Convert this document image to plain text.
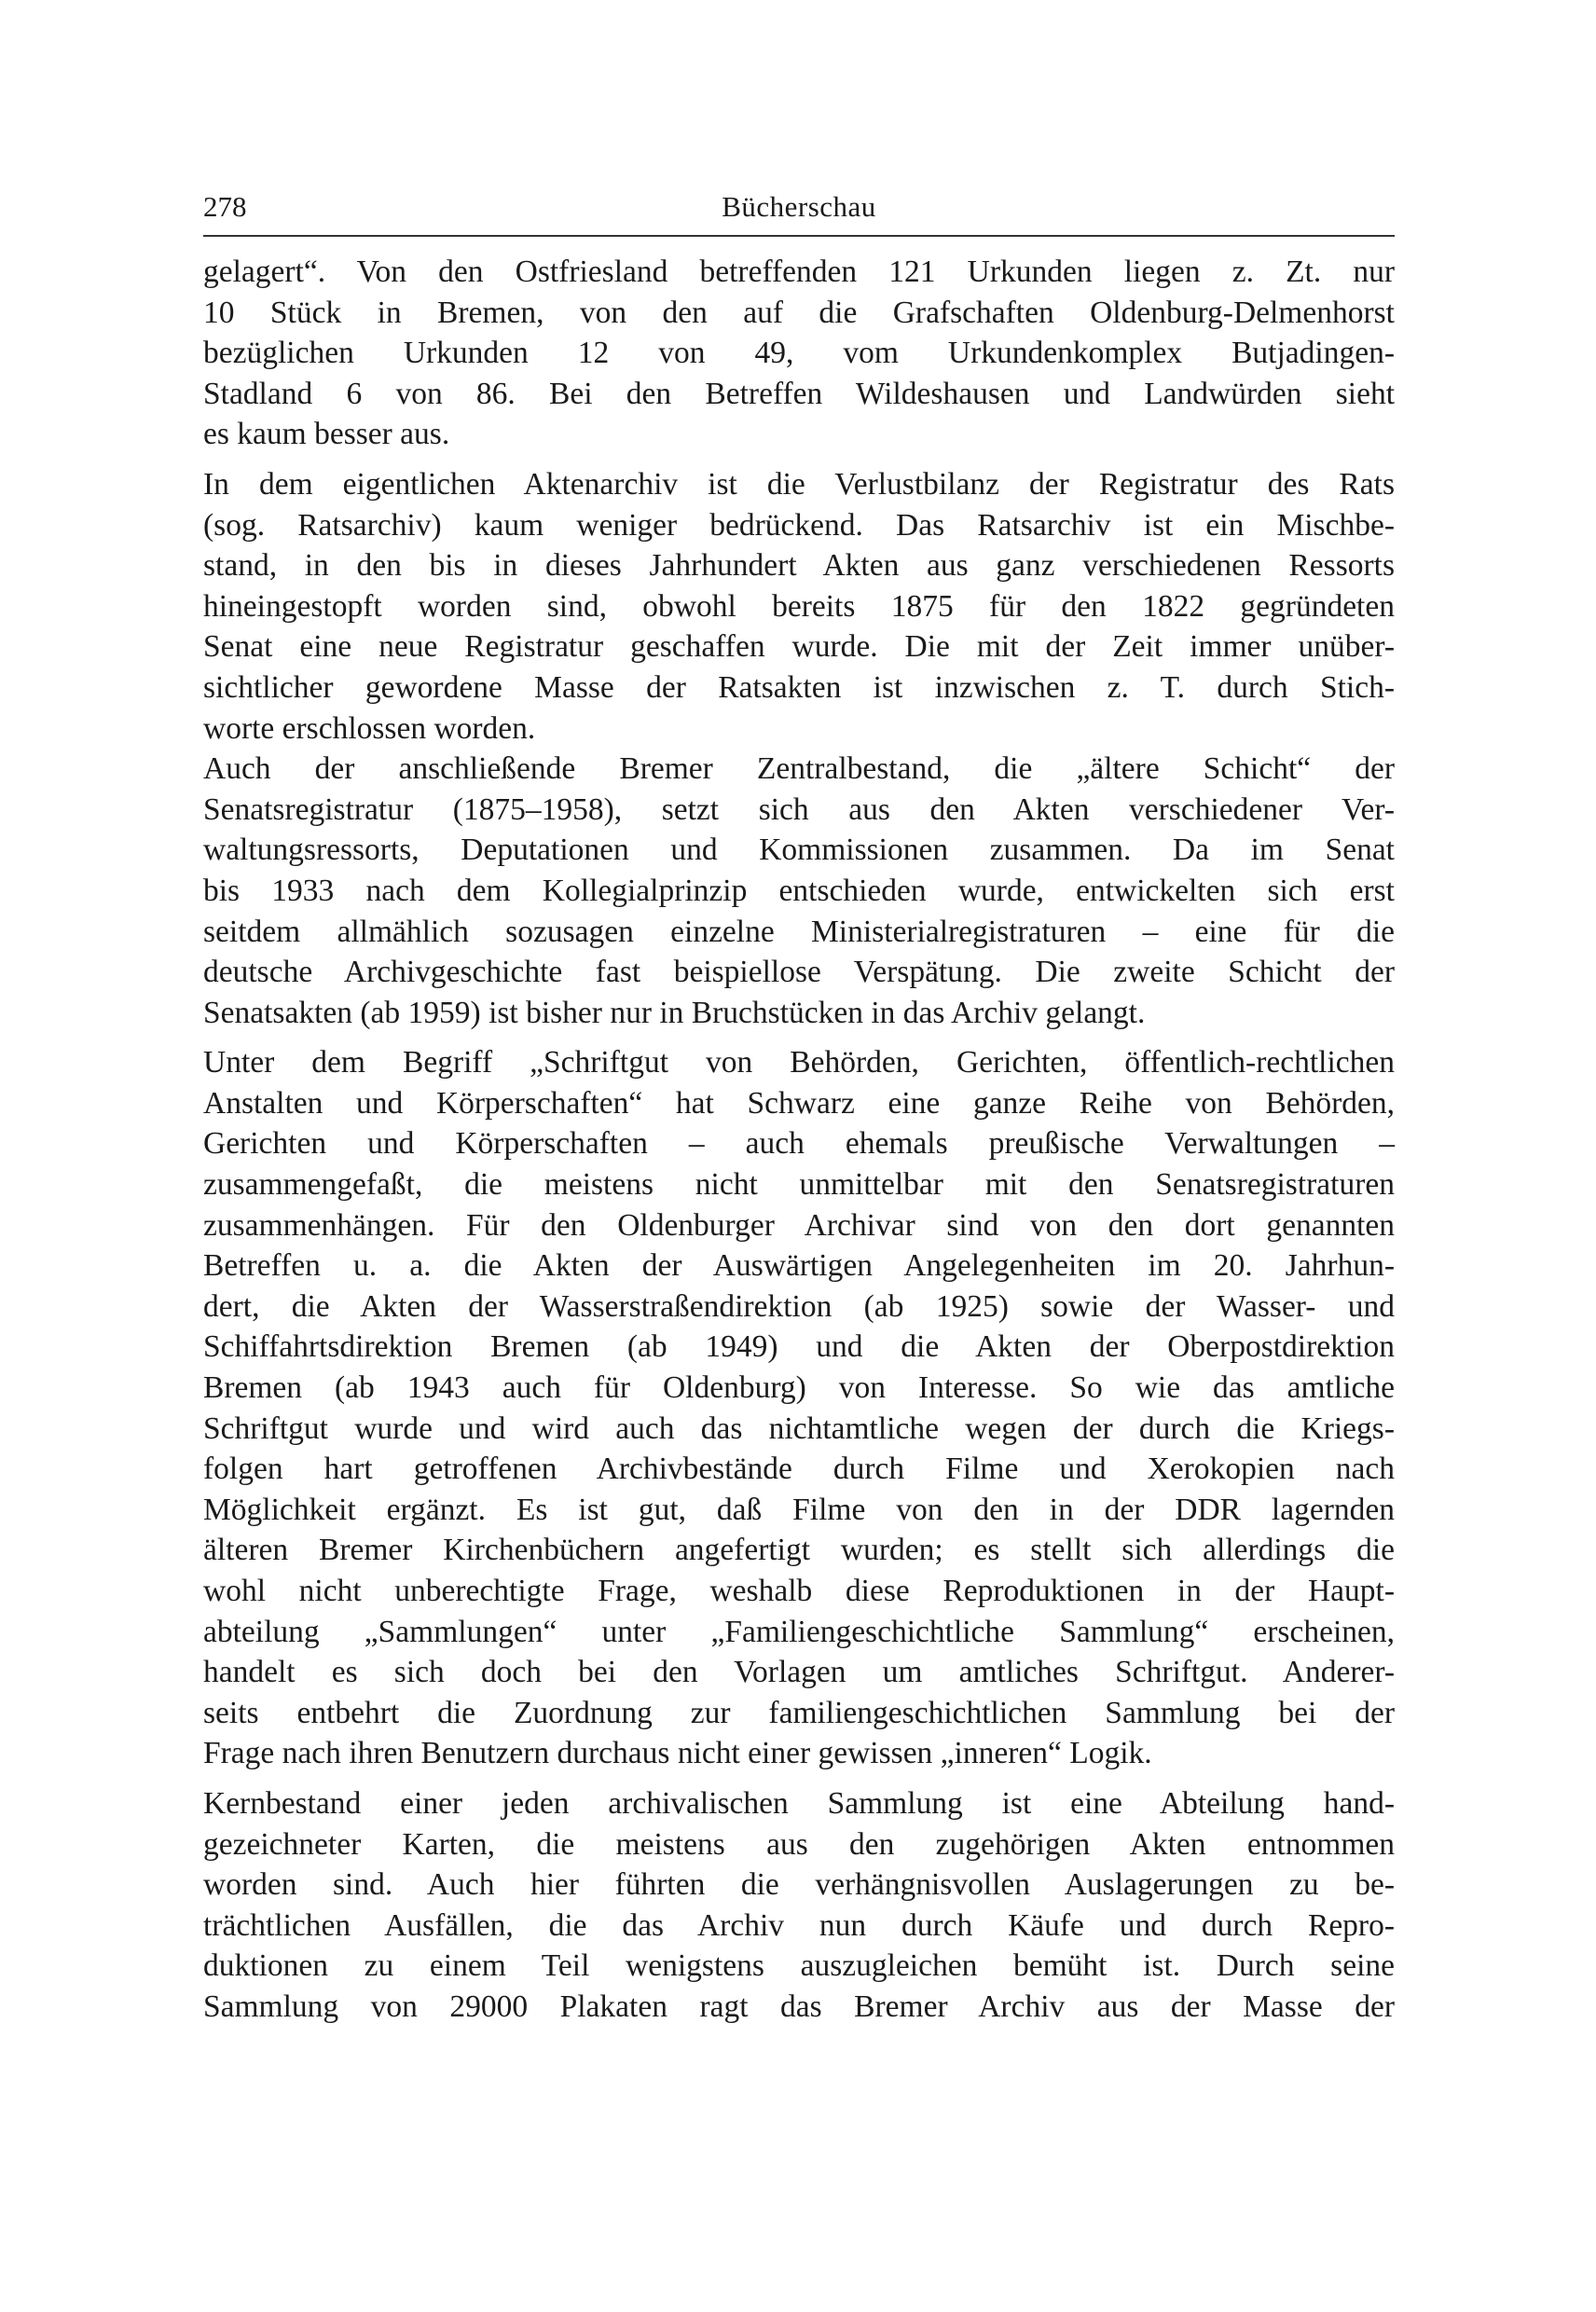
278	Bücherschau

gelagert“. Von den Ostfriesland betreffenden 121 Urkunden liegen z. Zt. nur
10 Stück in Bremen, von den auf die Grafschaften Oldenburg-Delmenhorst
bezüglichen Urkunden 12 von 49, vom Urkundenkomplex Butjadingen-
Stadland 6 von 86. Bei den Betreffen Wildeshausen und Landwürden sieht
es kaum besser aus.

In dem eigentlichen Aktenarchiv ist die Verlustbilanz der Registratur des Rats
(sog. Ratsarchiv) kaum weniger bedrückend. Das Ratsarchiv ist ein Mischbe-
stand, in den bis in dieses Jahrhundert Akten aus ganz verschiedenen Ressorts
hineingestopft worden sind, obwohl bereits 1875 für den 1822 gegründeten
Senat eine neue Registratur geschaffen wurde. Die mit der Zeit immer unüber-
sichtlicher gewordene Masse der Ratsakten ist inzwischen z. T. durch Stich-
worte erschlossen worden.

Auch der anschließende Bremer Zentralbestand, die „ältere Schicht“ der
Senatsregistratur (1875–1958), setzt sich aus den Akten verschiedener Ver-
waltungsressorts, Deputationen und Kommissionen zusammen. Da im Senat
bis 1933 nach dem Kollegialprinzip entschieden wurde, entwickelten sich erst
seitdem allmählich sozusagen einzelne Ministerialregistraturen – eine für die
deutsche Archivgeschichte fast beispiellose Verspätung. Die zweite Schicht der
Senatsakten (ab 1959) ist bisher nur in Bruchstücken in das Archiv gelangt.

Unter dem Begriff „Schriftgut von Behörden, Gerichten, öffentlich-rechtlichen
Anstalten und Körperschaften“ hat Schwarz eine ganze Reihe von Behörden,
Gerichten und Körperschaften – auch ehemals preußische Verwaltungen –
zusammengefaßt, die meistens nicht unmittelbar mit den Senatsregistraturen
zusammenhängen. Für den Oldenburger Archivar sind von den dort genannten
Betreffen u. a. die Akten der Auswärtigen Angelegenheiten im 20. Jahrhun-
dert, die Akten der Wasserstraßendirektion (ab 1925) sowie der Wasser- und
Schiffahrtsdirektion Bremen (ab 1949) und die Akten der Oberpostdirektion
Bremen (ab 1943 auch für Oldenburg) von Interesse. So wie das amtliche
Schriftgut wurde und wird auch das nichtamtliche wegen der durch die Kriegs-
folgen hart getroffenen Archivbestände durch Filme und Xerokopien nach
Möglichkeit ergänzt. Es ist gut, daß Filme von den in der DDR lagernden
älteren Bremer Kirchenbüchern angefertigt wurden; es stellt sich allerdings die
wohl nicht unberechtigte Frage, weshalb diese Reproduktionen in der Haupt-
abteilung „Sammlungen“ unter „Familiengeschichtliche Sammlung“ erscheinen,
handelt es sich doch bei den Vorlagen um amtliches Schriftgut. Anderer-
seits entbehrt die Zuordnung zur familiengeschichtlichen Sammlung bei der
Frage nach ihren Benutzern durchaus nicht einer gewissen „inneren“ Logik.

Kernbestand einer jeden archivalischen Sammlung ist eine Abteilung hand-
gezeichneter Karten, die meistens aus den zugehörigen Akten entnommen
worden sind. Auch hier führten die verhängnisvollen Auslagerungen zu be-
trächtlichen Ausfällen, die das Archiv nun durch Käufe und durch Repro-
duktionen zu einem Teil wenigstens auszugleichen bemüht ist. Durch seine
Sammlung von 29000 Plakaten ragt das Bremer Archiv aus der Masse der
